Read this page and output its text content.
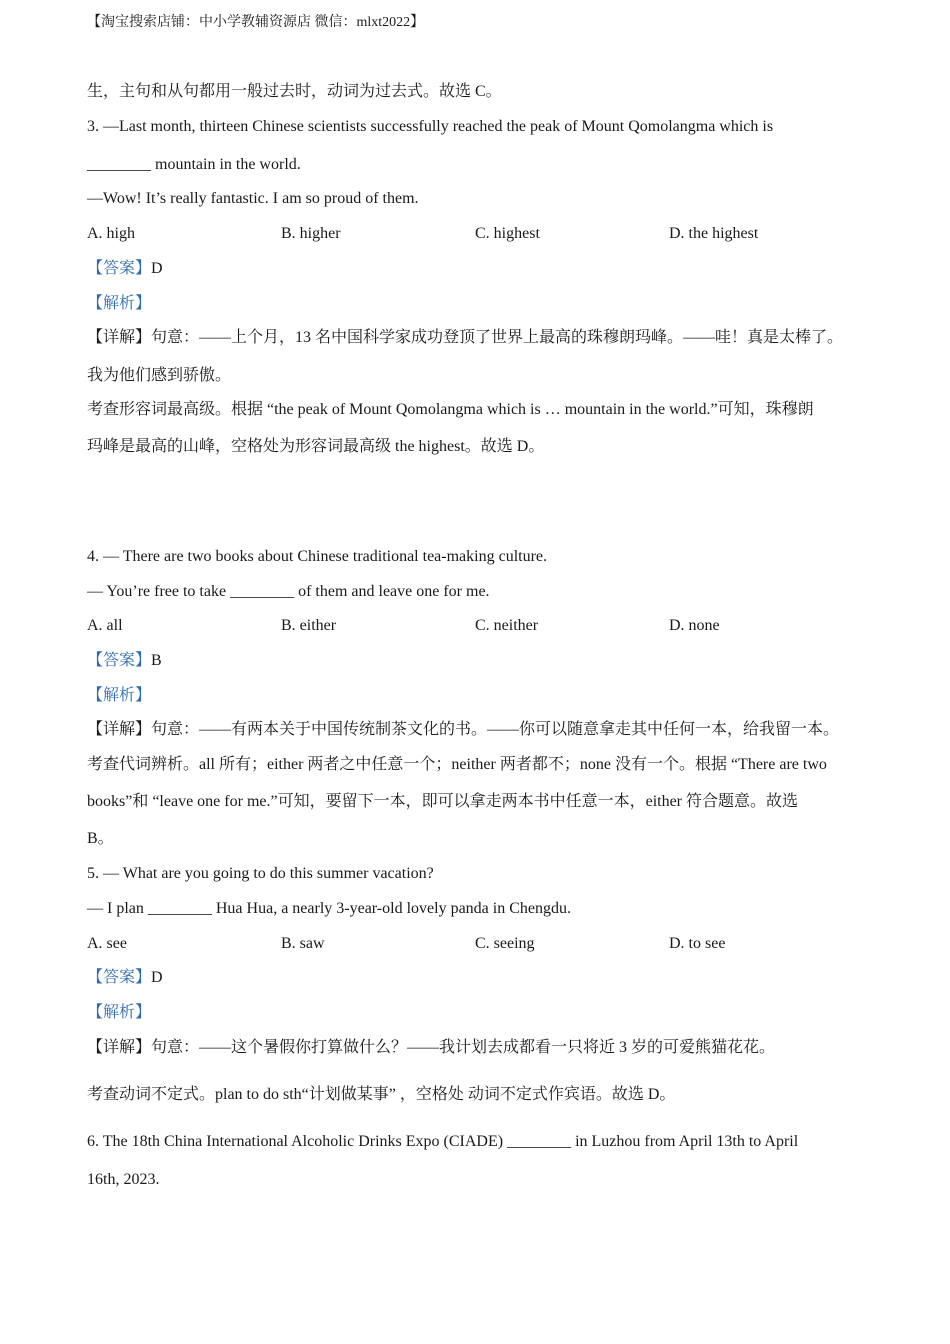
【淘宝搜索店铺：中小学教辅资源店 微信：mlxt2022】
生，主句和从句都用一般过去时，动词为过去式。故选 C。
3. —Last month, thirteen Chinese scientists successfully reached the peak of Mount Qomolangma which is
________ mountain in the world.
—Wow! It’s really fantastic. I am so proud of them.
A. high	B. higher	C. highest	D. the highest
【答案】D
【解析】
【详解】句意：——上个月，13 名中国科学家成功登顶了世界上最高的珠穆朗玛峰。——哇！真是太棒了。
我为他们感到骄傲。
考查形容词最高级。根据 “the peak of Mount Qomolangma which is … mountain in the world.”可知，珠穆朗
玛峰是最高的山峰，空格处为形容词最高级 the highest。故选 D。
4. — There are two books about Chinese traditional tea-making culture.
— You’re free to take ________ of them and leave one for me.
A. all	B. either	C. neither	D. none
【答案】B
【解析】
【详解】句意：——有两本关于中国传统制茶文化的书。——你可以随意拿走其中任何一本，给我留一本。
考查代词辨析。all 所有；either 两者之中任意一个；neither 两者都不；none 没有一个。根据 “There are two
books”和 “leave one for me.”可知，要留下一本，即可以拿走两本书中任意一本，either 符合题意。故选
B。
5. — What are you going to do this summer vacation?
— I plan ________ Hua Hua, a nearly 3-year-old lovely panda in Chengdu.
A. see	B. saw	C. seeing	D. to see
【答案】D
【解析】
【详解】句意：——这个暑假你打算做什么？——我计划去成都看一只将近 3 岁的可爱熊猫花花。
考查动词不定式。plan to do sth“计划做某事” ，空格处 动词不定式作宾语。故选 D。
6. The 18th China International Alcoholic Drinks Expo (CIADE) ________ in Luzhou from April 13th to April
16th, 2023.
